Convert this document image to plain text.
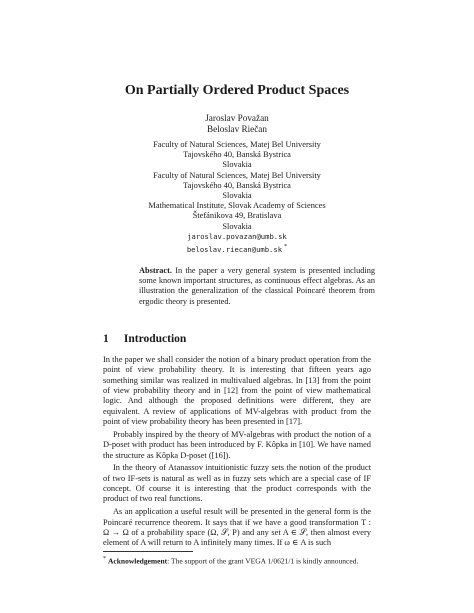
On Partially Ordered Product Spaces
Jaroslav Považan
Beloslav Riečan
Faculty of Natural Sciences, Matej Bel University
Tajovského 40, Banská Bystrica
Slovakia
Faculty of Natural Sciences, Matej Bel University
Tajovského 40, Banská Bystrica
Slovakia
Mathematical Institute, Slovak Academy of Sciences
Štefánikova 49, Bratislava
Slovakia
jaroslav.povazan@umb.sk
beloslav.riecan@umb.sk *
Abstract. In the paper a very general system is presented including some known important structures, as continuous effect algebras. As an illustration the generalization of the classical Poincaré theorem from ergodic theory is presented.
1 Introduction

In the paper we shall consider the notion of a binary product operation from the point of view probability theory. It is interesting that fifteen years ago something similar was realized in multivalued algebras. In [13] from the point of view probability theory and in [12] from the point of view mathematical logic. And although the proposed definitions were different, they are equivalent. A review of applications of MV-algebras with product from the point of view probability theory has been presented in [17].

Probably inspired by the theory of MV-algebras with product the notion of a D-poset with product has been introduced by F. Kôpka in [10]. We have named the structure as Kôpka D-poset ([16]).

In the theory of Atanassov intuitionistic fuzzy sets the notion of the product of two IF-sets is natural as well as in fuzzy sets which are a special case of IF concept. Of course it is interesting that the product corresponds with the product of two real functions.

As an application a useful result will be presented in the general form is the Poincaré recurrence theorem. It says that if we have a good transformation T : Ω → Ω of a probability space (Ω, 𝒮, P) and any set A ∈ 𝒮, then almost every element of A will return to A infinitely many times. If ω ∈ A is such

* Acknowledgement: The support of the grant VEGA 1/0621/1 is kindly announced.
